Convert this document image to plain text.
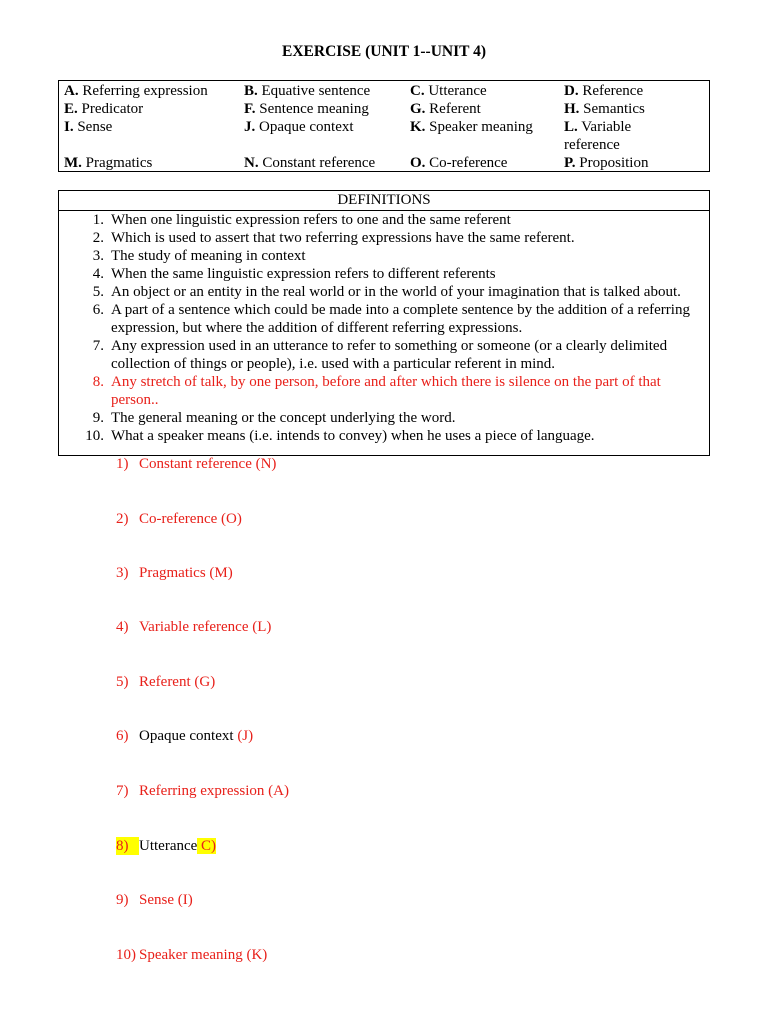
EXERCISE (UNIT 1--UNIT 4)
A. Referring expression B. Equative sentence	C. Utterance	D. Reference
E. Predicator	F. Sentence meaning	G. Referent	H. Semantics
I. Sense	J. Opaque context	K. Speaker meaning L. Variable
reference
M. Pragmatics	N. Constant reference O. Co-reference	P. Proposition
DEFINITIONS
1. When one linguistic expression refers to one and the same referent
2. Which is used to assert that two referring expressions have the same referent.
3. The study of meaning in context
4. When the same linguistic expression refers to different referents
5. An object or an entity in the real world or in the world of your imagination that is talked about.
6. A part of a sentence which could be made into a complete sentence by the addition of a referring expression, but where the addition of different referring expressions.
7. Any expression used in an utterance to refer to something or someone (or a clearly delimited collection of things or people), i.e. used with a particular referent in mind.
8. Any stretch of talk, by one person, before and after which there is silence on the part of that person..
9. The general meaning or the concept underlying the word.
10. What a speaker means (i.e. intends to convey) when he uses a piece of language.
1) Constant reference (N)
2) Co-reference (O)
3) Pragmatics (M)
4) Variable reference (L)
5) Referent (G)
6) Opaque context (J)
7) Referring expression (A)
8) Utterance C)
9) Sense (I)
10) Speaker meaning (K)
